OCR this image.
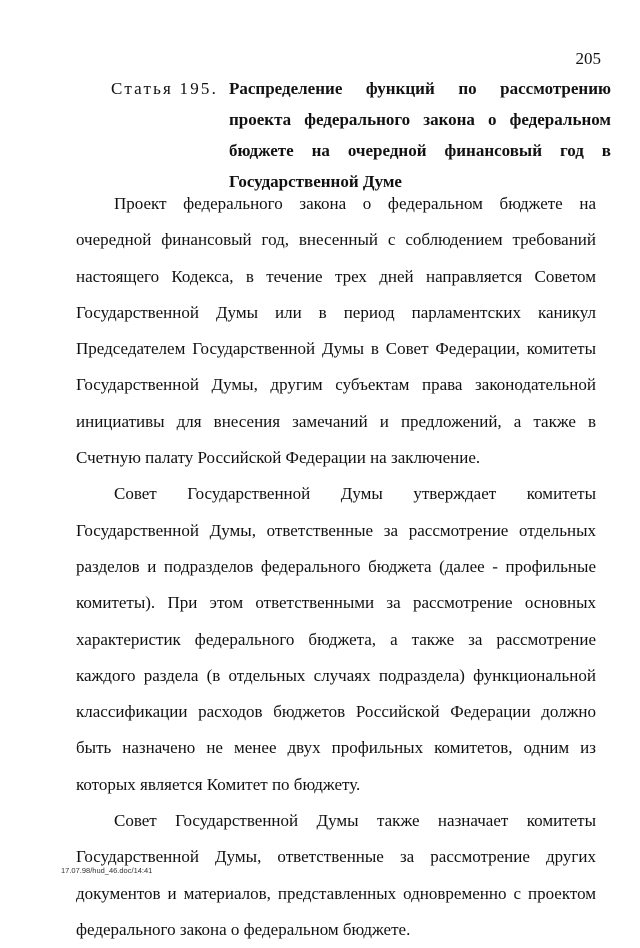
205
Статья 195. Распределение функций по рассмотрению проекта федерального закона о федеральном бюджете на очередной финансовый год в Государственной Думе

Проект федерального закона о федеральном бюджете на очередной финансовый год, внесенный с соблюдением требований настоящего Кодекса, в течение трех дней направляется Советом Государственной Думы или в период парламентских каникул Председателем Государственной Думы в Совет Федерации, комитеты Государственной Думы, другим субъектам права законодательной инициативы для внесения замечаний и предложений, а также в Счетную палату Российской Федерации на заключение.

Совет Государственной Думы утверждает комитеты Государственной Думы, ответственные за рассмотрение отдельных разделов и подразделов федерального бюджета (далее - профильные комитеты). При этом ответственными за рассмотрение основных характеристик федерального бюджета, а также за рассмотрение каждого раздела (в отдельных случаях подраздела) функциональной классификации расходов бюджетов Российской Федерации должно быть назначено не менее двух профильных комитетов, одним из которых является Комитет по бюджету.

Совет Государственной Думы также назначает комитеты Государственной Думы, ответственные за рассмотрение других документов и материалов, представленных одновременно с проектом федерального закона о федеральном бюджете.

17.07.98/hud_46.doc/14:41
